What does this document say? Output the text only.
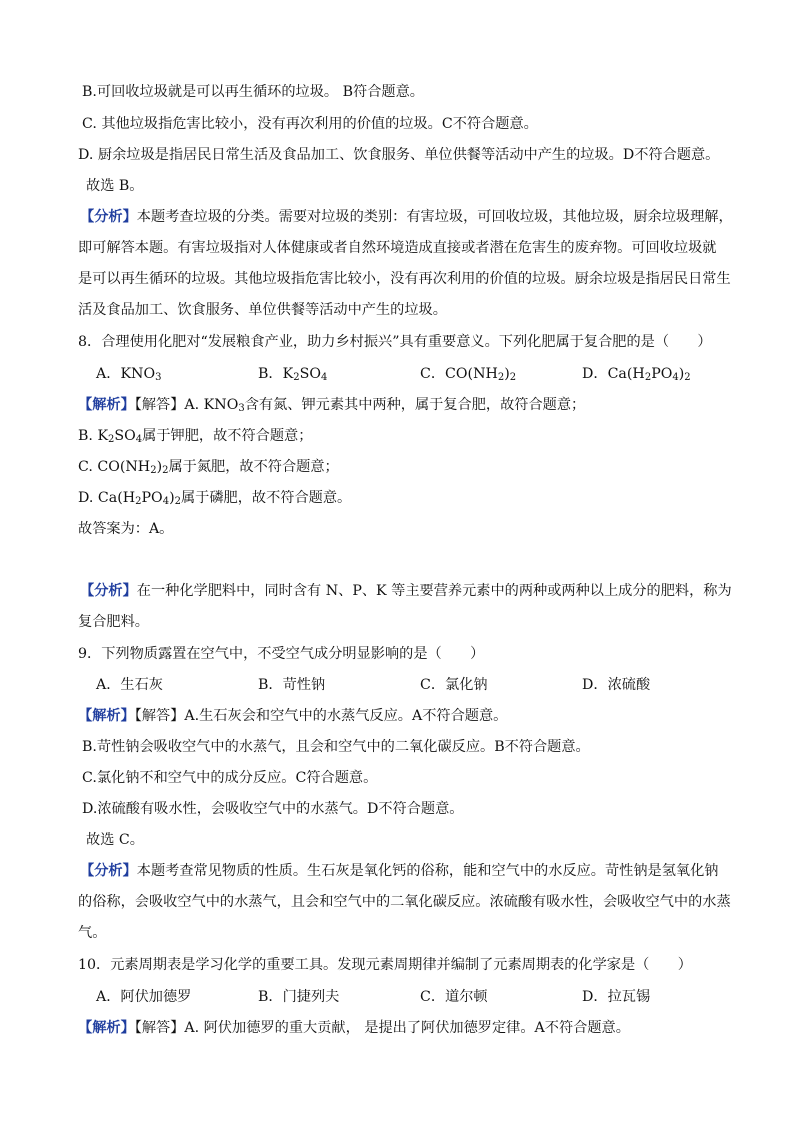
B.可回收垃圾就是可以再生循环的垃圾。 B符合题意。
C. 其他垃圾指危害比较小，没有再次利用的价值的垃圾。C不符合题意。
D. 厨余垃圾是指居民日常生活及食品加工、饮食服务、单位供餐等活动中产生的垃圾。D不符合题意。
故选 B。
【分析】本题考查垃圾的分类。需要对垃圾的类别：有害垃圾，可回收垃圾，其他垃圾，厨余垃圾理解，
即可解答本题。有害垃圾指对人体健康或者自然环境造成直接或者潜在危害生的废弃物。可回收垃圾就
是可以再生循环的垃圾。其他垃圾指危害比较小，没有再次利用的价值的垃圾。厨余垃圾是指居民日常生
活及食品加工、饮食服务、单位供餐等活动中产生的垃圾。
8．合理使用化肥对“发展粮食产业，助力乡村振兴”具有重要意义。下列化肥属于复合肥的是（　　）
A．$KNO_3$	B．$K_2SO_4$	C．$CO(NH_2)_2$	D．$Ca(H_2PO_4)_2$
【解析】【解答】A. $KNO_3$含有氮、钾元素其中两种，属于复合肥，故符合题意；
B. $K_2SO_4$属于钾肥，故不符合题意；
C. $CO(NH_2)_2$属于氮肥，故不符合题意；
D. $Ca(H_2PO_4)_2$属于磷肥，故不符合题意。
故答案为：A。
【分析】在一种化学肥料中，同时含有 N、P、K 等主要营养元素中的两种或两种以上成分的肥料，称为
复合肥料。
9．下列物质露置在空气中，不受空气成分明显影响的是（　　）
A．生石灰	B．苛性钠	C．氯化钠	D．浓硫酸
【解析】【解答】A.生石灰会和空气中的水蒸气反应。A不符合题意。
B.苛性钠会吸收空气中的水蒸气，且会和空气中的二氧化碳反应。B不符合题意。
C.氯化钠不和空气中的成分反应。C符合题意。
D.浓硫酸有吸水性，会吸收空气中的水蒸气。D不符合题意。
故选 C。
【分析】本题考查常见物质的性质。生石灰是氧化钙的俗称，能和空气中的水反应。苛性钠是氢氧化钠
的俗称，会吸收空气中的水蒸气，且会和空气中的二氧化碳反应。浓硫酸有吸水性，会吸收空气中的水蒸
气。
10．元素周期表是学习化学的重要工具。发现元素周期律并编制了元素周期表的化学家是（　　）
A．阿伏加德罗	B．门捷列夫	C．道尔顿	D．拉瓦锡
【解析】【解答】A. 阿伏加德罗的重大贡献， 是提出了阿伏加德罗定律。A不符合题意。
